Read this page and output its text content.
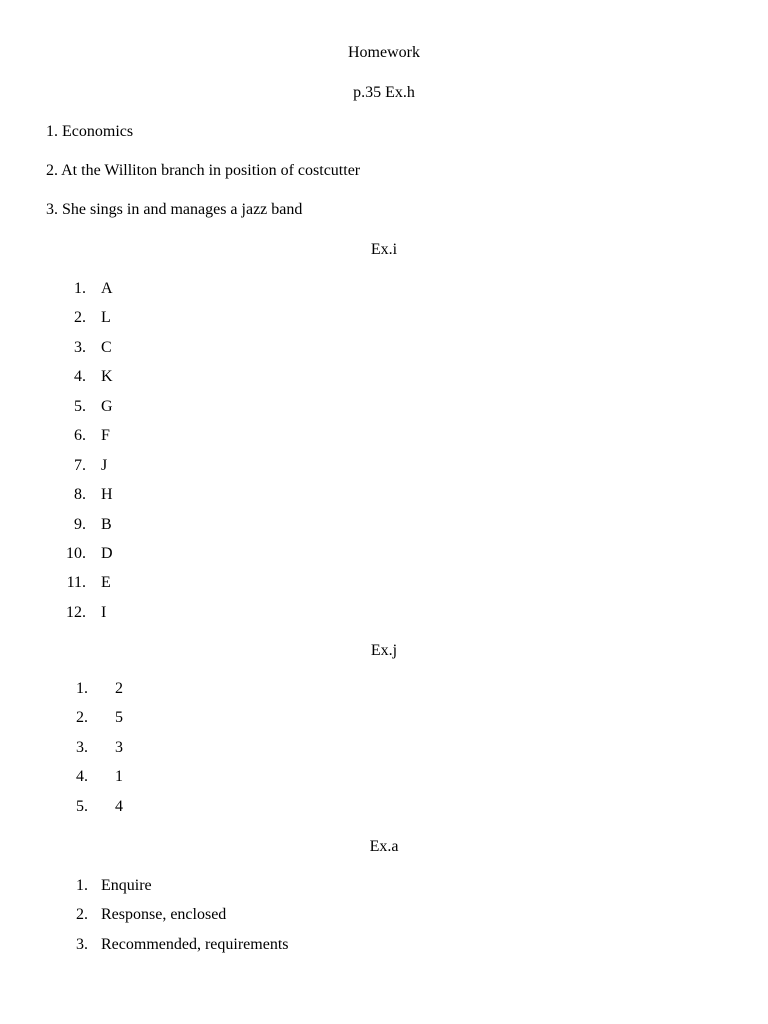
Homework
p.35 Ex.h
1. Economics
2. At the Williton branch in position of costcutter
3. She sings in and manages a jazz band
Ex.i
1. A
2. L
3. C
4. K
5. G
6. F
7. J
8. H
9. B
10. D
11. E
12. I
Ex.j
1. 2
2. 5
3. 3
4. 1
5. 4
Ex.a
1. Enquire
2. Response, enclosed
3. Recommended, requirements
